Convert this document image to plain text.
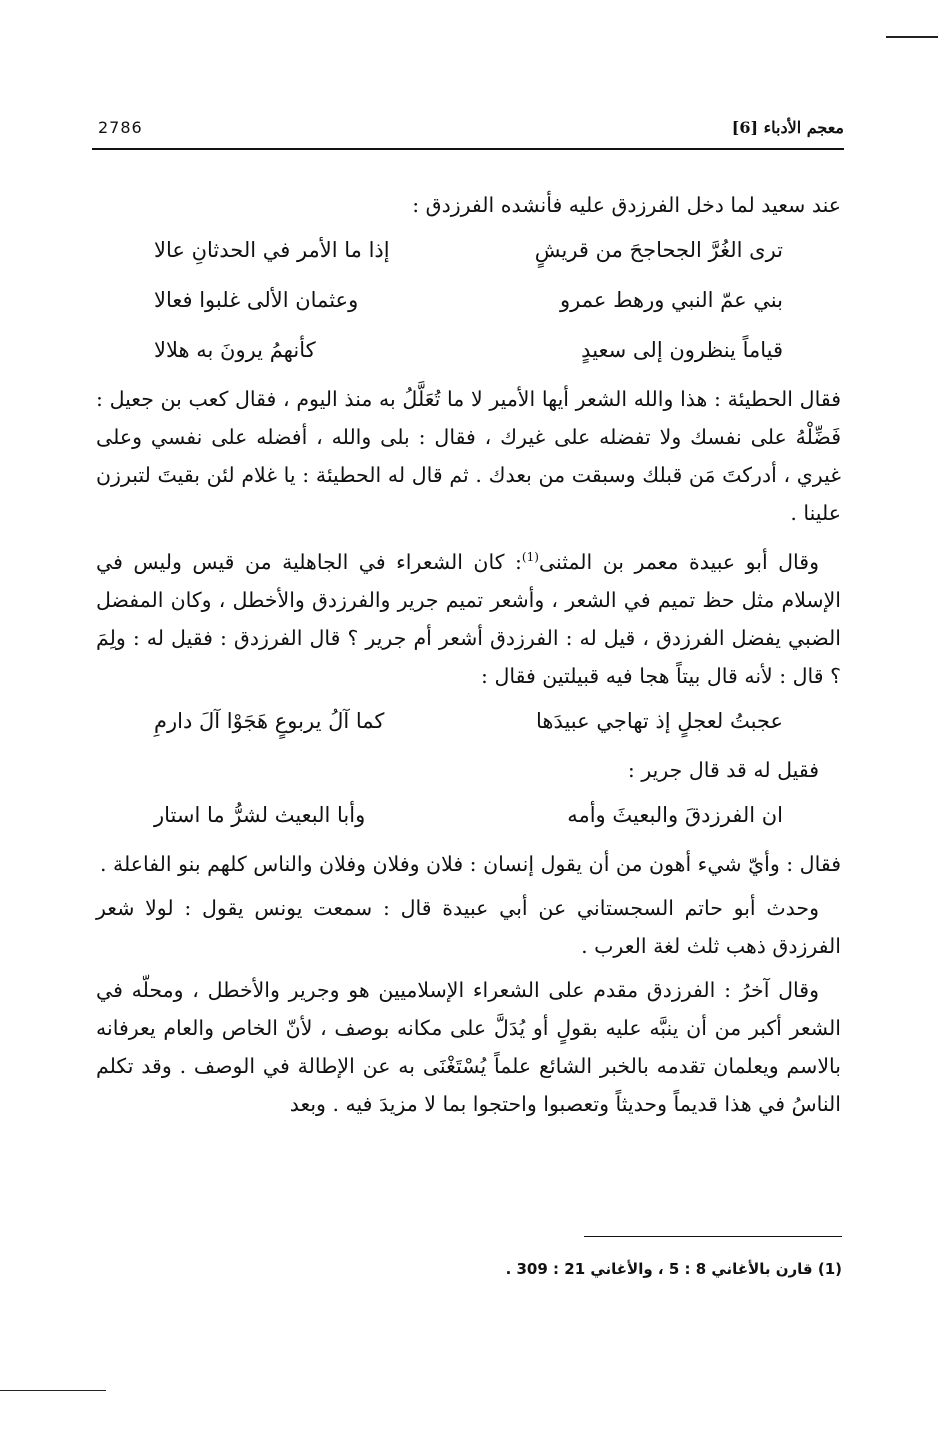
2786	معجم الأدباء [6]

عند سعيد لما دخل الفرزدق عليه فأنشده الفرزدق :

ترى الغُرَّ الجحاجحَ من قريشٍ
إذا ما الأمر في الحدثانِ عالا
بني عمّ النبي ورهط عمرو
وعثمان الألى غلبوا فعالا
قياماً ينظرون إلى سعيدٍ
كأنهمُ يرونَ به هلالا

فقال الحطيئة : هذا والله الشعر أيها الأمير لا ما تُعَلَّلُ به منذ اليوم ، فقال كعب بن جعيل : فَضِّلْهُ على نفسك ولا تفضله على غيرك ، فقال : بلى والله ، أفضله على نفسي وعلى غيري ، أدركتَ مَن قبلك وسبقت من بعدك . ثم قال له الحطيئة : يا غلام لئن بقيتَ لتبرزن علينا .

وقال أبو عبيدة معمر بن المثنى$^{(1)}$: كان الشعراء في الجاهلية من قيس وليس في الإسلام مثل حظ تميم في الشعر ، وأشعر تميم جرير والفرزدق والأخطل ، وكان المفضل الضبي يفضل الفرزدق ، قيل له : الفرزدق أشعر أم جرير ؟ قال الفرزدق : فقيل له : ولِمَ ؟ قال : لأنه قال بيتاً هجا فيه قبيلتين فقال :

عجبتُ لعجلٍ إذ تهاجي عبيدَها
كما آلُ يربوعٍ هَجَوْا آلَ دارمِ

فقيل له قد قال جرير :

ان الفرزدقَ والبعيثَ وأمه
وأبا البعيث لشرُّ ما استار

فقال : وأيّ شيء أهون من أن يقول إنسان : فلان وفلان وفلان والناس كلهم بنو الفاعلة .

وحدث أبو حاتم السجستاني عن أبي عبيدة قال : سمعت يونس يقول : لولا شعر الفرزدق ذهب ثلث لغة العرب .

وقال آخرُ : الفرزدق مقدم على الشعراء الإسلاميين هو وجرير والأخطل ، ومحلّه في الشعر أكبر من أن ينبَّه عليه بقولٍ أو يُدَلَّ على مكانه بوصف ، لأنّ الخاص والعام يعرفانه بالاسم ويعلمان تقدمه بالخبر الشائع علماً يُسْتَغْنَى به عن الإطالة في الوصف . وقد تكلم الناسُ في هذا قديماً وحديثاً وتعصبوا واحتجوا بما لا مزيدَ فيه . وبعد

(1) قارن بالأغاني 8 : 5 ، والأغاني 21 : 309 .
